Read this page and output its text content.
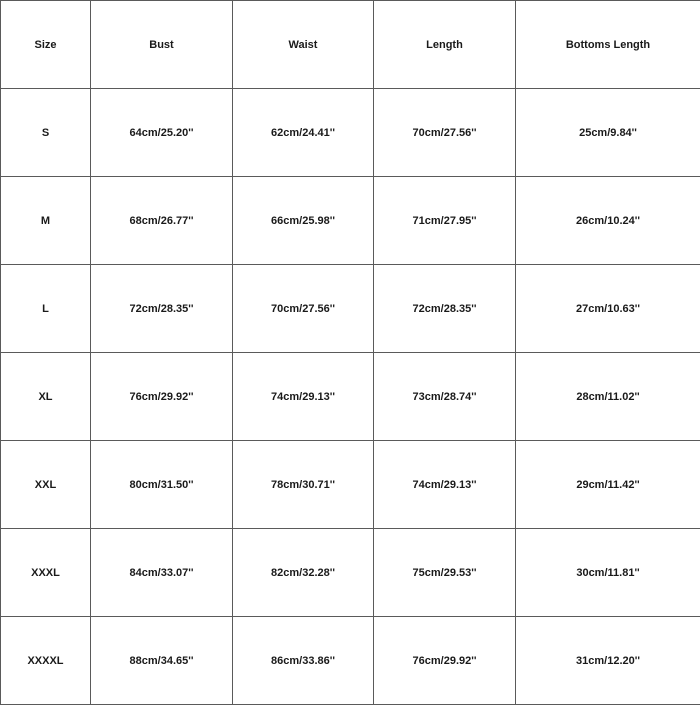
Size	Bust	Waist	Length	Bottoms Length
S	64cm/25.20''	62cm/24.41''	70cm/27.56''	25cm/9.84''
M	68cm/26.77''	66cm/25.98''	71cm/27.95''	26cm/10.24''
L	72cm/28.35''	70cm/27.56''	72cm/28.35''	27cm/10.63''
XL	76cm/29.92''	74cm/29.13''	73cm/28.74''	28cm/11.02''
XXL	80cm/31.50''	78cm/30.71''	74cm/29.13''	29cm/11.42''
XXXL	84cm/33.07''	82cm/32.28''	75cm/29.53''	30cm/11.81''
XXXXL	88cm/34.65''	86cm/33.86''	76cm/29.92''	31cm/12.20''
